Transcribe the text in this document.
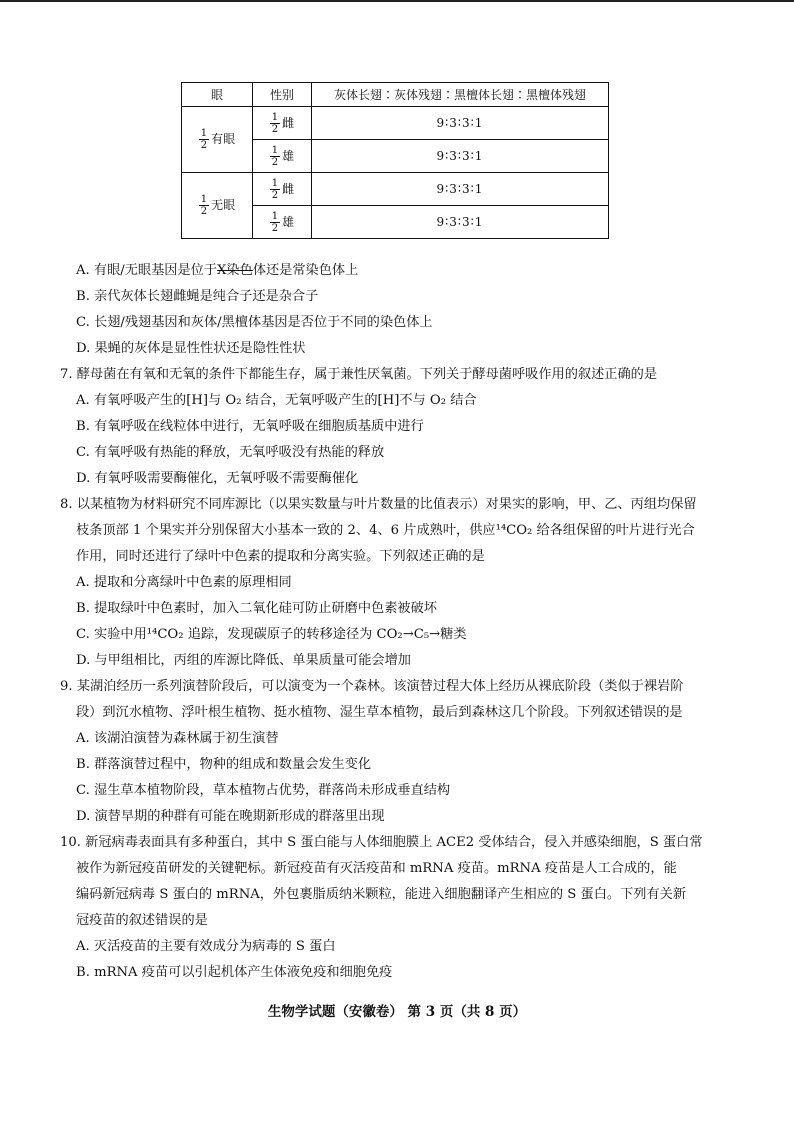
眼	性别	灰体长翅∶灰体残翅∶黑檀体长翅∶黑檀体残翅

$\frac{1}{2}$ 有眼	$\frac{1}{2}$ 雌	9∶3∶3∶1

	$\frac{1}{2}$ 雄	9∶3∶3∶1

$\frac{1}{2}$ 无眼	$\frac{1}{2}$ 雌	9∶3∶3∶1

	$\frac{1}{2}$ 雄	9∶3∶3∶1
A. 有眼/无眼基因是位于X染色体还是常染色体上
B. 亲代灰体长翅雌蝇是纯合子还是杂合子
C. 长翅/残翅基因和灰体/黑檀体基因是否位于不同的染色体上
D. 果蝇的灰体是显性性状还是隐性性状
7. 酵母菌在有氧和无氧的条件下都能生存，属于兼性厌氧菌。下列关于酵母菌呼吸作用的叙述正确的是
A. 有氧呼吸产生的[H]与 O₂ 结合，无氧呼吸产生的[H]不与 O₂ 结合
B. 有氧呼吸在线粒体中进行，无氧呼吸在细胞质基质中进行
C. 有氧呼吸有热能的释放，无氧呼吸没有热能的释放
D. 有氧呼吸需要酶催化，无氧呼吸不需要酶催化
8. 以某植物为材料研究不同库源比（以果实数量与叶片数量的比值表示）对果实的影响，甲、乙、丙组均保留
枝条顶部 1 个果实并分别保留大小基本一致的 2、4、6 片成熟叶，供应¹⁴CO₂ 给各组保留的叶片进行光合
作用，同时还进行了绿叶中色素的提取和分离实验。下列叙述正确的是
A. 提取和分离绿叶中色素的原理相同
B. 提取绿叶中色素时，加入二氧化硅可防止研磨中色素被破坏
C. 实验中用¹⁴CO₂ 追踪，发现碳原子的转移途径为 CO₂→C₅→糖类
D. 与甲组相比，丙组的库源比降低、单果质量可能会增加
9. 某湖泊经历一系列演替阶段后，可以演变为一个森林。该演替过程大体上经历从裸底阶段（类似于裸岩阶
段）到沉水植物、浮叶根生植物、挺水植物、湿生草本植物，最后到森林这几个阶段。下列叙述错误的是
A. 该湖泊演替为森林属于初生演替
B. 群落演替过程中，物种的组成和数量会发生变化
C. 湿生草本植物阶段，草本植物占优势，群落尚未形成垂直结构
D. 演替早期的种群有可能在晚期新形成的群落里出现
10. 新冠病毒表面具有多种蛋白，其中 S 蛋白能与人体细胞膜上 ACE2 受体结合，侵入并感染细胞，S 蛋白常
被作为新冠疫苗研发的关键靶标。新冠疫苗有灭活疫苗和 mRNA 疫苗。mRNA 疫苗是人工合成的，能
编码新冠病毒 S 蛋白的 mRNA，外包裹脂质纳米颗粒，能进入细胞翻译产生相应的 S 蛋白。下列有关新
冠疫苗的叙述错误的是
A. 灭活疫苗的主要有效成分为病毒的 S 蛋白
B. mRNA 疫苗可以引起机体产生体液免疫和细胞免疫
生物学试题（安徽卷） 第 3 页（共 8 页）
